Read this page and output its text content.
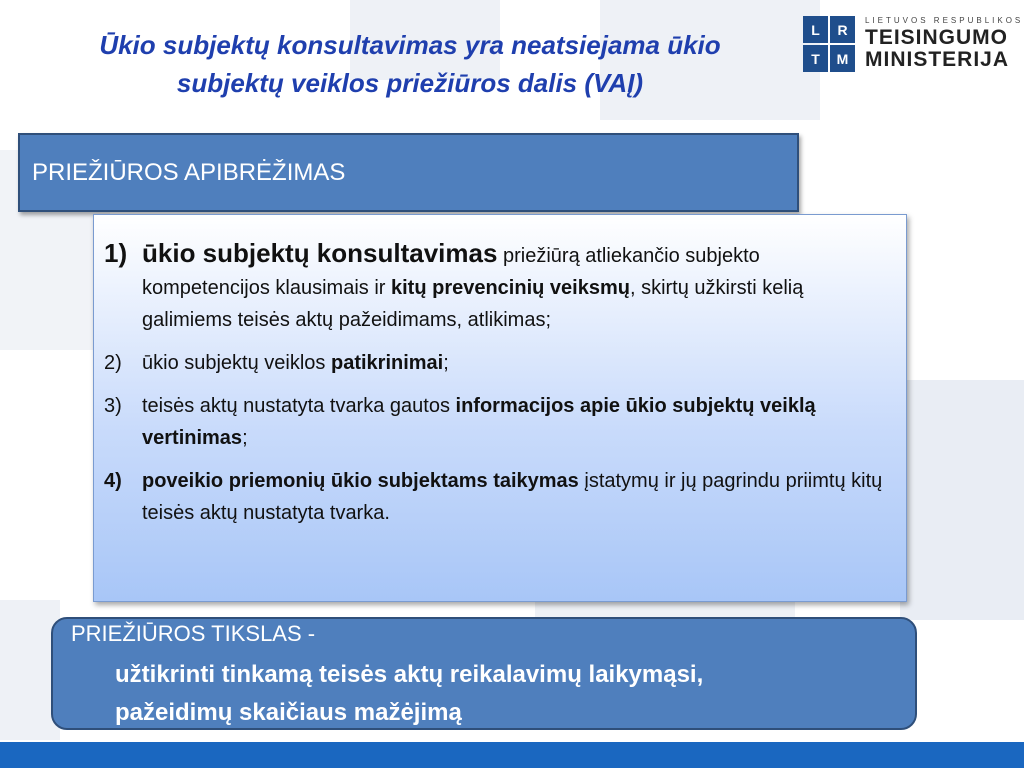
Ūkio subjektų konsultavimas yra neatsiejama ūkio
subjektų veiklos priežiūros dalis (VAĮ)
L	R
T	M
LIETUVOS RESPUBLIKOS
TEISINGUMO
MINISTERIJA
PRIEŽIŪROS APIBRĖŽIMAS
1) ūkio subjektų konsultavimas priežiūrą atliekančio subjekto kompetencijos klausimais ir kitų prevencinių veiksmų, skirtų užkirsti kelią galimiems teisės aktų pažeidimams, atlikimas;
2) ūkio subjektų veiklos patikrinimai;
3) teisės aktų nustatyta tvarka gautos informacijos apie ūkio subjektų veiklą vertinimas;
4) poveikio priemonių ūkio subjektams taikymas įstatymų ir jų pagrindu priimtų kitų teisės aktų nustatyta tvarka.
PRIEŽIŪROS TIKSLAS -
užtikrinti tinkamą teisės aktų reikalavimų laikymąsi,
pažeidimų skaičiaus mažėjimą
